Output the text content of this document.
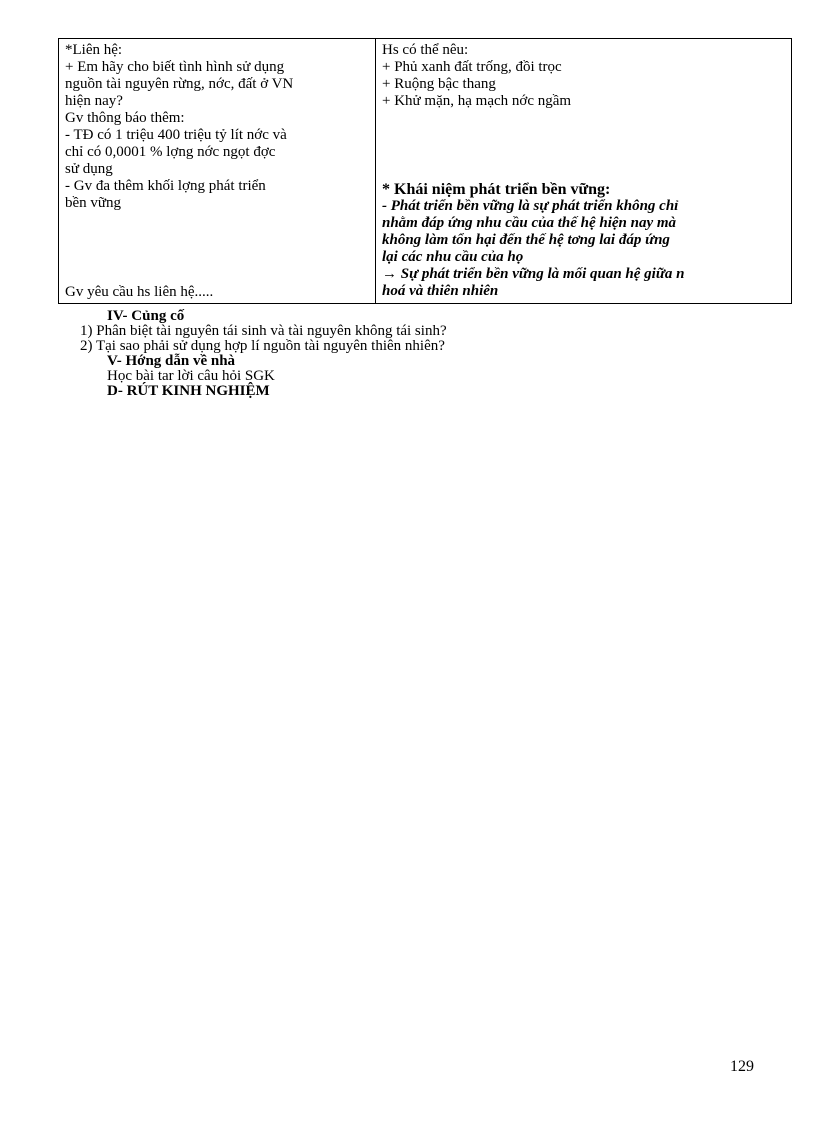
*Liên hệ:
+ Em hãy cho biết tình hình sử dụng
nguồn tài nguyên rừng, nớc, đất ở VN
hiện nay?
Gv thông báo thêm:
- TĐ có 1 triệu 400 triệu tỷ lít nớc và
chỉ có 0,0001 % lợng nớc ngọt đợc
sử dụng
- Gv đa thêm khối lợng phát triển
bền vững
Gv yêu cầu hs liên hệ.....

Hs có thể nêu:
+ Phủ xanh đất trống, đồi trọc
+ Ruộng bậc thang
+ Khử mặn, hạ mạch nớc ngầm
* Khái niệm phát triển bền vững:
- Phát triển bền vững là sự phát triển không chỉ
nhằm đáp ứng nhu cầu của thế hệ hiện nay mà
không làm tổn hại đến thế hệ tơng lai đáp ứng
lại các nhu cầu của họ
→ Sự phát triển bền vững là mối quan hệ giữa n
hoá và thiên nhiên
IV- Củng cố
1) Phân biệt tài nguyên tái sinh và tài nguyên không tái sinh?
2) Tại sao phải sử dụng hợp lí nguồn tài nguyên thiên nhiên?
V- Hớng dẫn về nhà
Học bài tar lời câu hỏi SGK
D- RÚT KINH NGHIỆM
129
